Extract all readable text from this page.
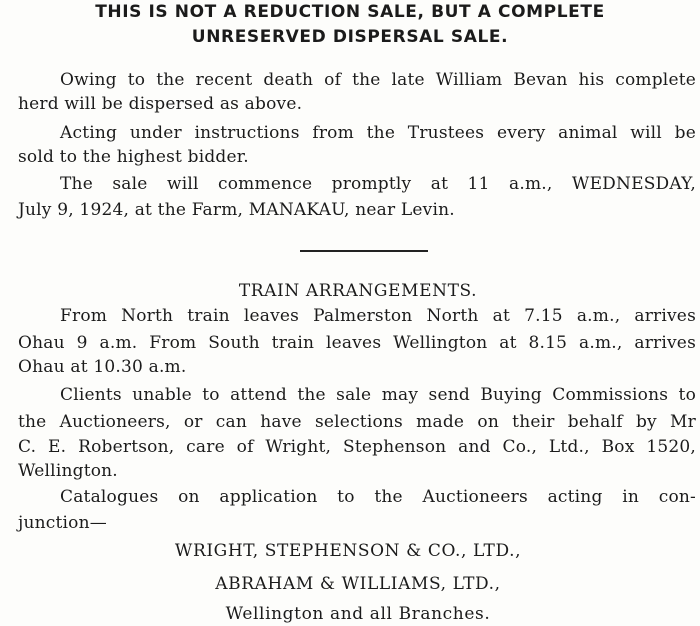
THIS IS NOT A REDUCTION SALE, BUT A COMPLETE
UNRESERVED DISPERSAL SALE.
Owing to the recent death of the late William Bevan his complete
herd will be dispersed as above.
Acting under instructions from the Trustees every animal will be
sold to the highest bidder.
The sale will commence promptly at 11 a.m., WEDNESDAY,
July 9, 1924, at the Farm, MANAKAU, near Levin.
TRAIN ARRANGEMENTS.
From North train leaves Palmerston North at 7.15 a.m., arrives
Ohau 9 a.m. From South train leaves Wellington at 8.15 a.m., arrives
Ohau at 10.30 a.m.
Clients unable to attend the sale may send Buying Commissions to
the Auctioneers, or can have selections made on their behalf by Mr
C. E. Robertson, care of Wright, Stephenson and Co., Ltd., Box 1520,
Wellington.
Catalogues on application to the Auctioneers acting in con-
junction—
WRIGHT, STEPHENSON & CO., LTD.,
ABRAHAM & WILLIAMS, LTD.,
Wellington and all Branches.
